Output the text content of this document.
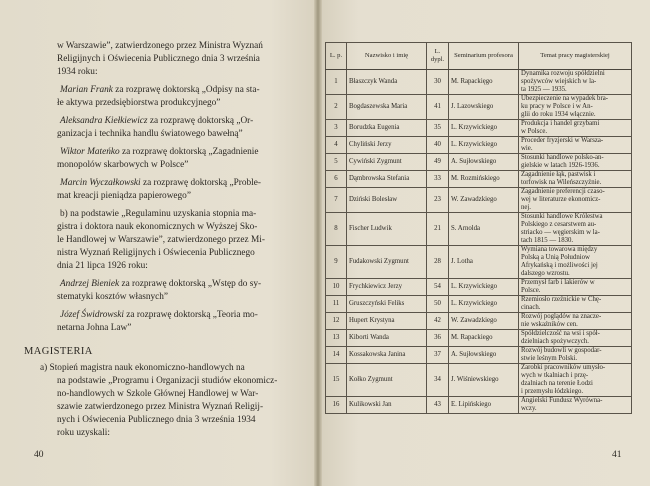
w Warszawie”, zatwierdzonego przez Ministra Wyznań
Religijnych i Oświecenia Publicznego dnia 3 września
1934 roku:
Marian Frank za rozprawę doktorską „Odpisy na sta-
łe aktywa przedsiębiorstwa produkcyjnego”
Aleksandra Kiełkiewicz za rozprawę doktorską „Or-
ganizacja i technika handlu światowego bawełną”
Wiktor Mateńko za rozprawę doktorską „Zagadnienie
monopolów skarbowych w Polsce”
Marcin Wyczałkowski za rozprawę doktorską „Proble-
mat kreacji pieniądza papierowego”
b) na podstawie „Regulaminu uzyskania stopnia ma-
gistra i doktora nauk ekonomicznych w Wyższej Sko-
le Handlowej w Warszawie”, zatwierdzonego przez Mi-
nistra Wyznań Religijnych i Oświecenia Publicznego
dnia 21 lipca 1926 roku:
Andrzej Bieniek za rozprawę doktorską „Wstęp do sy-
stematyki kosztów własnych”
Józef Świdrowski za rozprawę doktorską „Teoria mo-
netarna Johna Law”
MAGISTERIA
a) Stopień magistra nauk ekonomiczno-handlowych na
na podstawie „Programu i Organizacji studiów ekonomicz-
no-handlowych w Szkole Głównej Handlowej w War-
szawie zatwierdzonego przez Ministra Wyznań Religij-
nych i Oświecenia Publicznego dnia 3 września 1934
roku uzyskali:
40
L. p.	Nazwisko i imię	L. dypl.	Seminarium profesora	Temat pracy magisterskiej
1	Błaszczyk Wanda	30	M. Rapackięgo	Dynamika rozwoju spółdzielni
spożywców wiejskich w la-
ta 1925 — 1935.

2	Bogdaszewska Maria	41	J. Lazowskiego	Ubezpieczenie na wypadek bra-
ku pracy w Polsce i w An-
glii do roku 1934 włącznie.

3	Borudzka Eugenia	35	L. Krzywickiego	Produkcja i handel grzybami
w Polsce.

4	Chyliński Jerzy	40	L. Krzywickiego	Proceder fryzjerski w Warsza-
wie.

5	Cywiński Zygmunt	49	A. Sujłowskiego	Stosunki handlowe polsko-an-
gielskie w latach 1926-1936.

6	Dąmbrowska Stefania	33	M. Rozmińskiego	Zagadnienie łąk, pastwisk i
torfowisk na Wileńszczyźnie.

7	Dziński Bolesław	23	W. Zawadzkiego	Zagadnienie preferencji czaso-
wej w literaturze ekonomicz-
nej.

8	Fischer Ludwik	21	S. Arnolda	Stosunki handlowe Królestwa
Polskiego z cesarstwem au-
striacko — węgierskim w la-
tach 1815 — 1830.

9	Fudakowski Zygmunt	28	J. Lotha	Wymiana towarowa między
Polską a Unią Południow
Afrykańską i możliwości jej
dalszego wzrostu.

10	Frychkiewicz Jerzy	54	L. Krzywickiego	Przemysł farb i lakierów w
Polsce.

11	Gruszczyński Feliks	50	L. Krzywickiego	Rzemiosło rzeźnickie w Chę-
cinach.

12	Hupert Krystyna	42	W. Zawadzkiego	Rozwój poglądów na znacze-
nie wskaźników cen.

13	Kiborti Wanda	36	M. Rapackiego	Spółdzielczość na wsi i spół-
dzielniach spożywczych.

14	Kossakowska Janina	37	A. Sujłowskiego	Rozwój budowli w gospodar-
stwie leśnym Polski.

15	Kołko Zygmunt	34	J. Wiśniewskiego	Zarobki pracowników umysło-
wych w tkalniach i przę-
dzalniach na terenie Łodzi
i przemysłu łódzkiego.

16	Kulikowski Jan	43	E. Lipińskiego	Angielski Fundusz Wyrówna-
wczy.
41
